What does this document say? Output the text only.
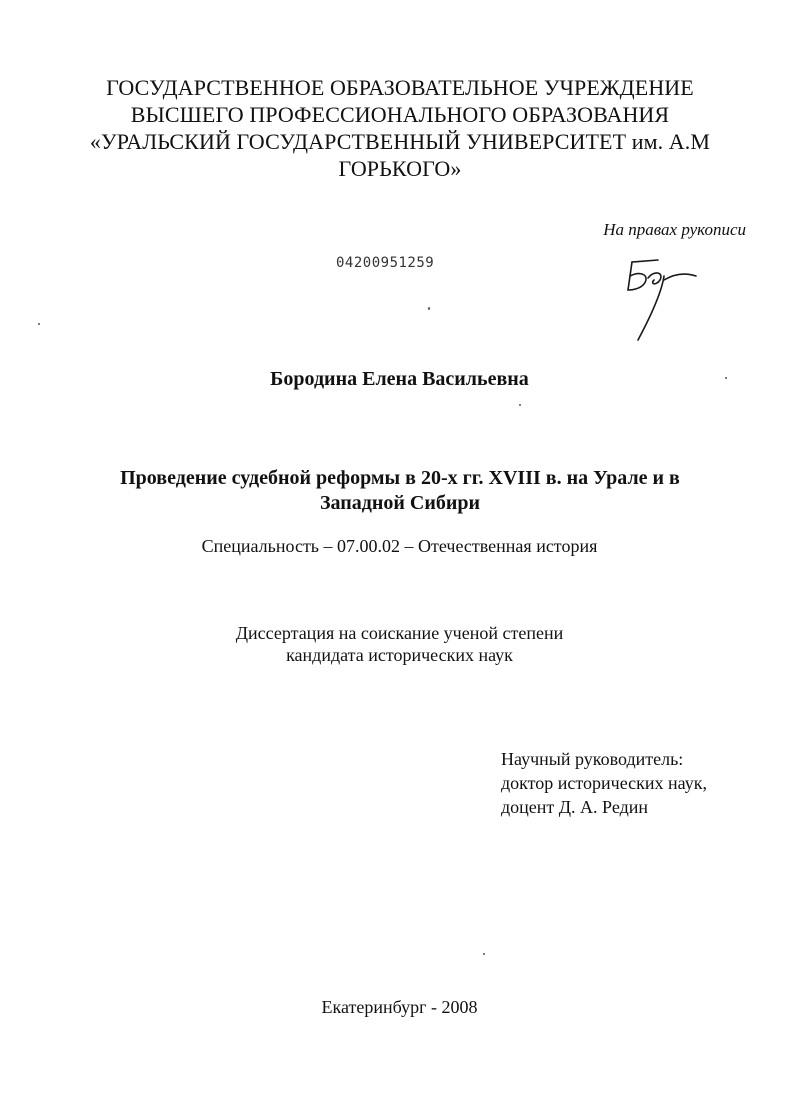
ГОСУДАРСТВЕННОЕ ОБРАЗОВАТЕЛЬНОЕ УЧРЕЖДЕНИЕ
ВЫСШЕГО ПРОФЕССИОНАЛЬНОГО ОБРАЗОВАНИЯ
«УРАЛЬСКИЙ ГОСУДАРСТВЕННЫЙ УНИВЕРСИТЕТ им. А.М
ГОРЬКОГО»
На правах рукописи
04200951259
Бородина Елена Васильевна
Проведение судебной реформы в 20-х гг. XVIII в. на Урале и в
Западной Сибири
Специальность – 07.00.02 – Отечественная история
Диссертация на соискание ученой степени
кандидата исторических наук
Научный руководитель:
доктор исторических наук,
доцент Д. А. Редин
Екатеринбург - 2008
